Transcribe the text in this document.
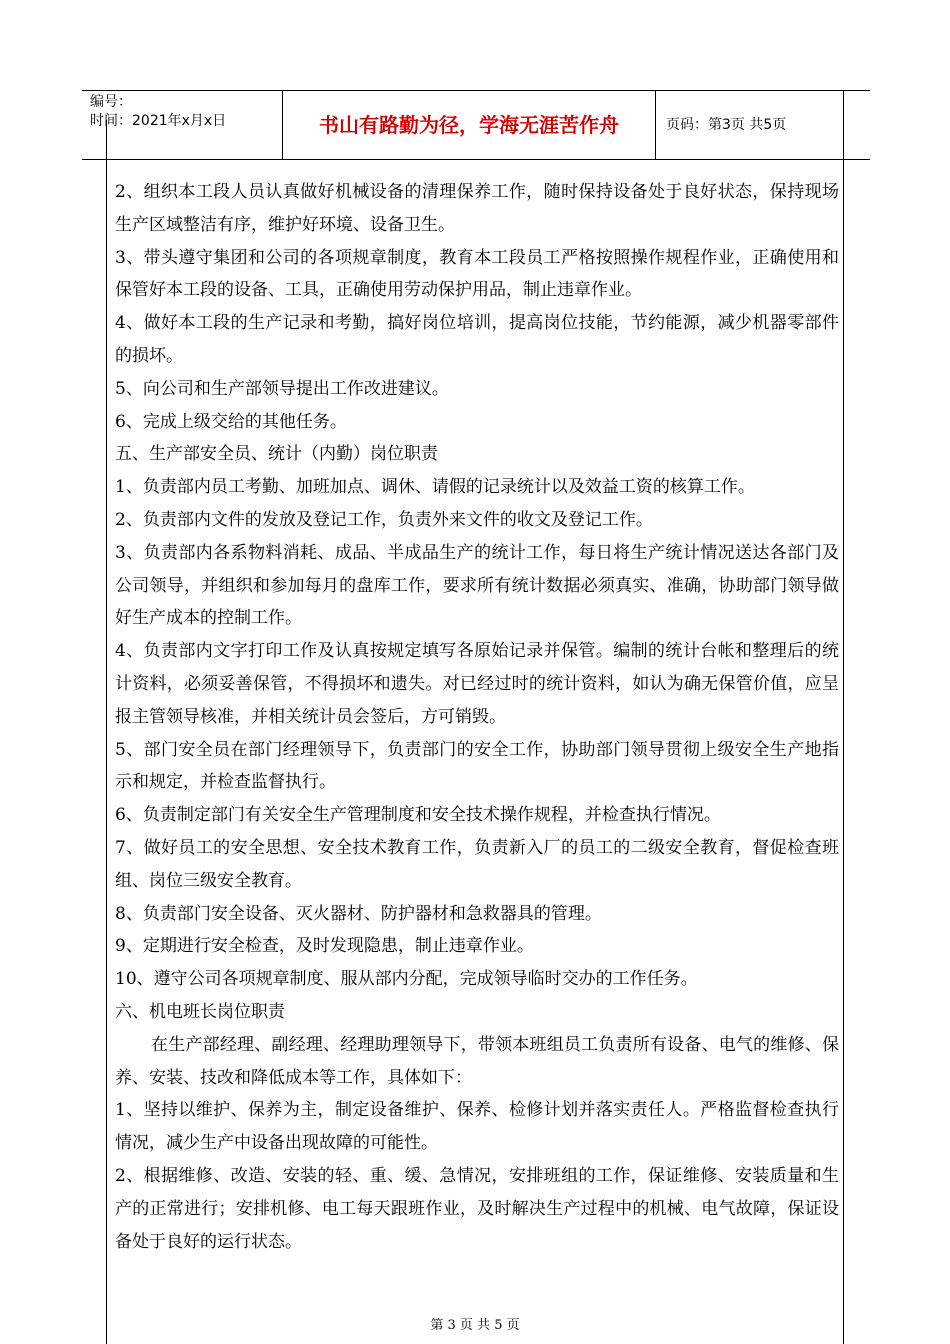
编号：
时间：2021年x月x日	书山有路勤为径，学海无涯苦作舟	页码：第3页 共5页

2、组织本工段人员认真做好机械设备的清理保养工作，随时保持设备处于良好状态，保持现场生产区域整洁有序，维护好环境、设备卫生。

3、带头遵守集团和公司的各项规章制度，教育本工段员工严格按照操作规程作业，正确使用和保管好本工段的设备、工具，正确使用劳动保护用品，制止违章作业。

4、做好本工段的生产记录和考勤，搞好岗位培训，提高岗位技能，节约能源，减少机器零部件的损坏。

5、向公司和生产部领导提出工作改进建议。

6、完成上级交给的其他任务。

五、生产部安全员、统计（内勤）岗位职责

1、负责部内员工考勤、加班加点、调休、请假的记录统计以及效益工资的核算工作。

2、负责部内文件的发放及登记工作，负责外来文件的收文及登记工作。

3、负责部内各系物料消耗、成品、半成品生产的统计工作，每日将生产统计情况送达各部门及公司领导，并组织和参加每月的盘库工作，要求所有统计数据必须真实、准确，协助部门领导做好生产成本的控制工作。

4、负责部内文字打印工作及认真按规定填写各原始记录并保管。编制的统计台帐和整理后的统计资料，必须妥善保管，不得损坏和遗失。对已经过时的统计资料，如认为确无保管价值，应呈报主管领导核准，并相关统计员会签后，方可销毁。

5、部门安全员在部门经理领导下，负责部门的安全工作，协助部门领导贯彻上级安全生产地指示和规定，并检查监督执行。

6、负责制定部门有关安全生产管理制度和安全技术操作规程，并检查执行情况。

7、做好员工的安全思想、安全技术教育工作，负责新入厂的员工的二级安全教育，督促检查班组、岗位三级安全教育。

8、负责部门安全设备、灭火器材、防护器材和急救器具的管理。

9、定期进行安全检查，及时发现隐患，制止违章作业。

10、遵守公司各项规章制度、服从部内分配，完成领导临时交办的工作任务。

六、机电班长岗位职责

在生产部经理、副经理、经理助理领导下，带领本班组员工负责所有设备、电气的维修、保养、安装、技改和降低成本等工作，具体如下：

1、坚持以维护、保养为主，制定设备维护、保养、检修计划并落实责任人。严格监督检查执行情况，减少生产中设备出现故障的可能性。

2、根据维修、改造、安装的轻、重、缓、急情况，安排班组的工作，保证维修、安装质量和生产的正常进行；安排机修、电工每天跟班作业，及时解决生产过程中的机械、电气故障，保证设备处于良好的运行状态。

第 3 页 共 5 页
